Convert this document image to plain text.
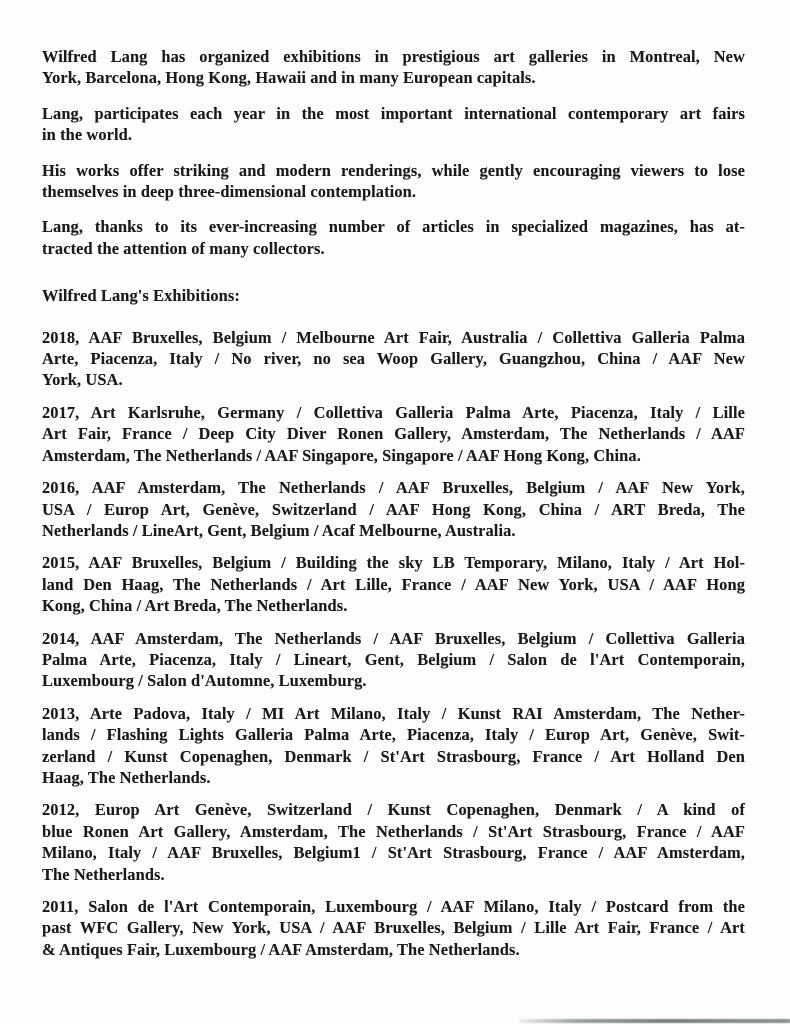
Wilfred Lang has organized exhibitions in prestigious art galleries in Montreal, New
York, Barcelona, Hong Kong, Hawaii and in many European capitals.

Lang, participates each year in the most important international contemporary art fairs
in the world.

His works offer striking and modern renderings, while gently encouraging viewers to lose
themselves in deep three-dimensional contemplation.

Lang, thanks to its ever-increasing number of articles in specialized magazines, has at-
tracted the attention of many collectors.

Wilfred Lang's Exhibitions:

2018, AAF Bruxelles, Belgium / Melbourne Art Fair, Australia / Collettiva Galleria Palma
Arte, Piacenza, Italy / No river, no sea Woop Gallery, Guangzhou, China / AAF New
York, USA.

2017, Art Karlsruhe, Germany / Collettiva Galleria Palma Arte, Piacenza, Italy / Lille
Art Fair, France / Deep City Diver Ronen Gallery, Amsterdam, The Netherlands / AAF
Amsterdam, The Netherlands / AAF Singapore, Singapore / AAF Hong Kong, China.

2016, AAF Amsterdam, The Netherlands / AAF Bruxelles, Belgium / AAF New York,
USA / Europ Art, Genève, Switzerland / AAF Hong Kong, China / ART Breda, The
Netherlands / LineArt, Gent, Belgium / Acaf Melbourne, Australia.

2015, AAF Bruxelles, Belgium / Building the sky LB Temporary, Milano, Italy / Art Hol-
land Den Haag, The Netherlands / Art Lille, France / AAF New York, USA / AAF Hong
Kong, China / Art Breda, The Netherlands.

2014, AAF Amsterdam, The Netherlands / AAF Bruxelles, Belgium / Collettiva Galleria
Palma Arte, Piacenza, Italy / Lineart, Gent, Belgium / Salon de l'Art Contemporain,
Luxembourg / Salon d'Automne, Luxemburg.

2013, Arte Padova, Italy / MI Art Milano, Italy / Kunst RAI Amsterdam, The Nether-
lands / Flashing Lights Galleria Palma Arte, Piacenza, Italy / Europ Art, Genève, Swit-
zerland / Kunst Copenaghen, Denmark / St'Art Strasbourg, France / Art Holland Den
Haag, The Netherlands.

2012, Europ Art Genève, Switzerland / Kunst Copenaghen, Denmark / A kind of
blue Ronen Art Gallery, Amsterdam, The Netherlands / St'Art Strasbourg, France / AAF
Milano, Italy / AAF Bruxelles, Belgium1 / St'Art Strasbourg, France / AAF Amsterdam,
The Netherlands.

2011, Salon de l'Art Contemporain, Luxembourg / AAF Milano, Italy / Postcard from the
past WFC Gallery, New York, USA / AAF Bruxelles, Belgium / Lille Art Fair, France / Art
& Antiques Fair, Luxembourg / AAF Amsterdam, The Netherlands.
